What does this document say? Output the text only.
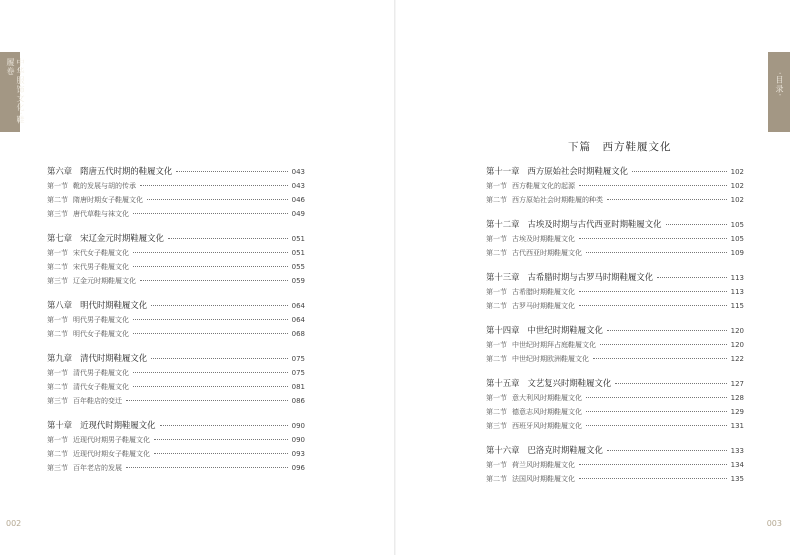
中华服饰文化·鞋履卷
·目录·
下篇　西方鞋履文化
第六章 隋唐五代时期的鞋履文化	043
第一节 靴的发展与胡的传承	043
第二节 隋唐时期女子鞋履文化	046
第三节 唐代草鞋与袜文化	049
第七章 宋辽金元时期鞋履文化	051
第一节 宋代女子鞋履文化	051
第二节 宋代男子鞋履文化	055
第三节 辽金元时期鞋履文化	059
第八章 明代时期鞋履文化	064
第一节 明代男子鞋履文化	064
第二节 明代女子鞋履文化	068
第九章 清代时期鞋履文化	075
第一节 清代男子鞋履文化	075
第二节 清代女子鞋履文化	081
第三节 百年鞋店的变迁	086
第十章 近现代时期鞋履文化	090
第一节 近现代时期男子鞋履文化	090
第二节 近现代时期女子鞋履文化	093
第三节 百年老店的发展	096
第十一章 西方原始社会时期鞋履文化	102
第一节 西方鞋履文化的起源	102
第二节 西方原始社会时期鞋履的种类	102
第十二章 古埃及时期与古代西亚时期鞋履文化	105
第一节 古埃及时期鞋履文化	105
第二节 古代西亚时期鞋履文化	109
第十三章 古希腊时期与古罗马时期鞋履文化	113
第一节 古希腊时期鞋履文化	113
第二节 古罗马时期鞋履文化	115
第十四章 中世纪时期鞋履文化	120
第一节 中世纪时期拜占庭鞋履文化	120
第二节 中世纪时期欧洲鞋履文化	122
第十五章 文艺复兴时期鞋履文化	127
第一节 意大利风时期鞋履文化	128
第二节 德意志风时期鞋履文化	129
第三节 西班牙风时期鞋履文化	131
第十六章 巴洛克时期鞋履文化	133
第一节 荷兰风时期鞋履文化	134
第二节 法国风时期鞋履文化	135
002	003
